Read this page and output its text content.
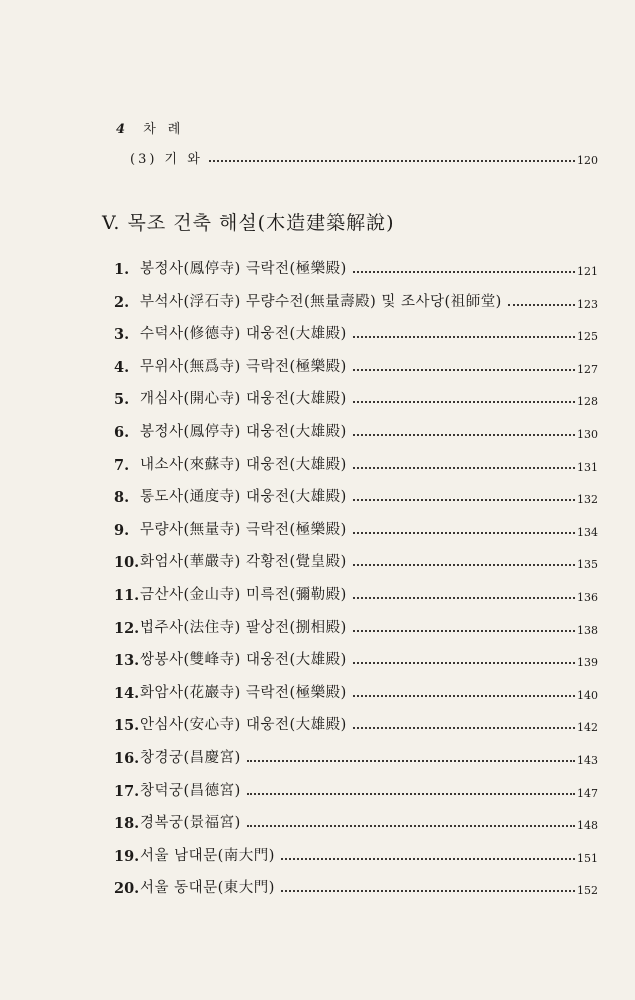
4 차례
(3) 기 와	120
V. 목조 건축 해설(木造建築解說)
1. 봉정사(鳳停寺) 극락전(極樂殿)	121
2. 부석사(浮石寺) 무량수전(無量壽殿) 및 조사당(祖師堂)	123
3. 수덕사(修德寺) 대웅전(大雄殿)	125
4. 무위사(無爲寺) 극락전(極樂殿)	127
5. 개심사(開心寺) 대웅전(大雄殿)	128
6. 봉정사(鳳停寺) 대웅전(大雄殿)	130
7. 내소사(來蘇寺) 대웅전(大雄殿)	131
8. 통도사(通度寺) 대웅전(大雄殿)	132
9. 무량사(無量寺) 극락전(極樂殿)	134
10. 화엄사(華嚴寺) 각황전(覺皇殿)	135
11. 금산사(金山寺) 미륵전(彌勒殿)	136
12. 법주사(法住寺) 팔상전(捌相殿)	138
13. 쌍봉사(雙峰寺) 대웅전(大雄殿)	139
14. 화암사(花巖寺) 극락전(極樂殿)	140
15. 안심사(安心寺) 대웅전(大雄殿)	142
16. 창경궁(昌慶宮)	143
17. 창덕궁(昌德宮)	147
18. 경복궁(景福宮)	148
19. 서울 남대문(南大門)	151
20. 서울 동대문(東大門)	152
